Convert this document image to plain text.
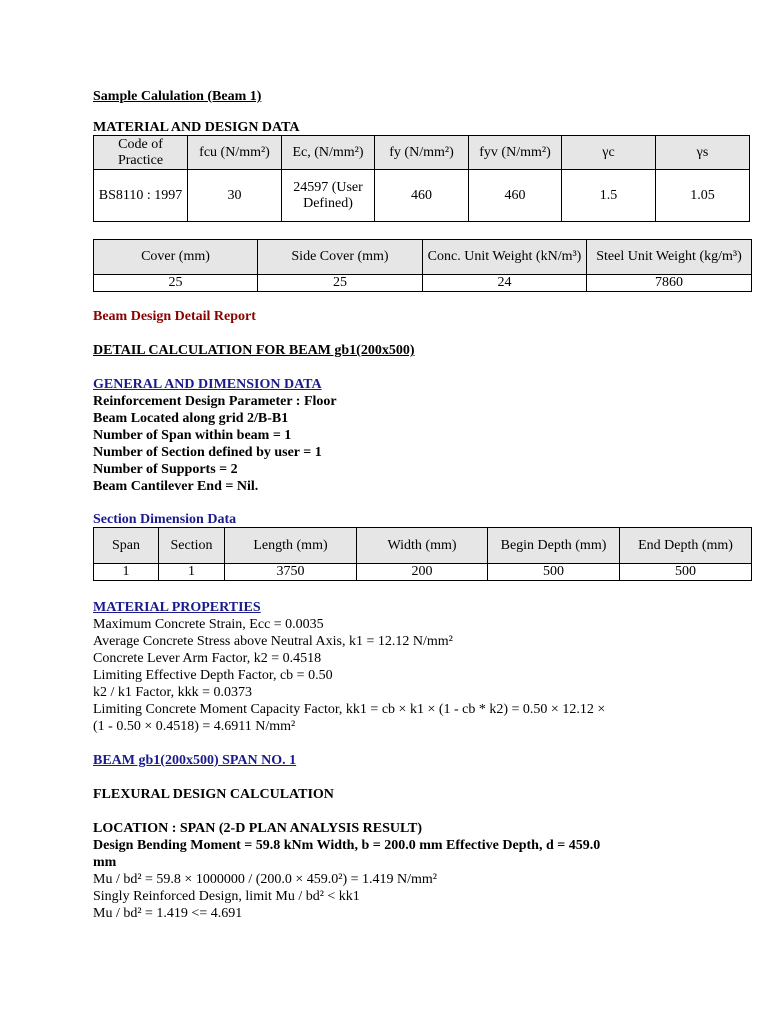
Sample Calulation (Beam 1)
MATERIAL AND DESIGN DATA
Code of Practice	fcu (N/mm²)	Ec, (N/mm²)	fy (N/mm²)	fyv (N/mm²)	γc	γs
BS8110 : 1997	30	24597 (User Defined)	460	460	1.5	1.05
Cover (mm)	Side Cover (mm)	Conc. Unit Weight (kN/m³)	Steel Unit Weight (kg/m³)
25	25	24	7860
Beam Design Detail Report
DETAIL CALCULATION FOR BEAM gb1(200x500)
GENERAL AND DIMENSION DATA
Reinforcement Design Parameter : Floor
Beam Located along grid 2/B-B1
Number of Span within beam = 1
Number of Section defined by user = 1
Number of Supports = 2
Beam Cantilever End = Nil.
Section Dimension Data
Span	Section	Length (mm)	Width (mm)	Begin Depth (mm)	End Depth (mm)
1	1	3750	200	500	500
MATERIAL PROPERTIES
Maximum Concrete Strain, Ecc = 0.0035
Average Concrete Stress above Neutral Axis, k1 = 12.12 N/mm²
Concrete Lever Arm Factor, k2 = 0.4518
Limiting Effective Depth Factor, cb = 0.50
k2 / k1 Factor, kkk = 0.0373
Limiting Concrete Moment Capacity Factor, kk1 = cb × k1 × (1 - cb * k2) = 0.50 × 12.12 ×
(1 - 0.50 × 0.4518) = 4.6911 N/mm²
BEAM gb1(200x500) SPAN NO. 1
FLEXURAL DESIGN CALCULATION
LOCATION : SPAN (2-D PLAN ANALYSIS RESULT)
Design Bending Moment = 59.8 kNm Width, b = 200.0 mm Effective Depth, d = 459.0
mm
Mu / bd² = 59.8 × 1000000 / (200.0 × 459.0²) = 1.419 N/mm²
Singly Reinforced Design, limit Mu / bd² < kk1
Mu / bd² = 1.419 <= 4.691
